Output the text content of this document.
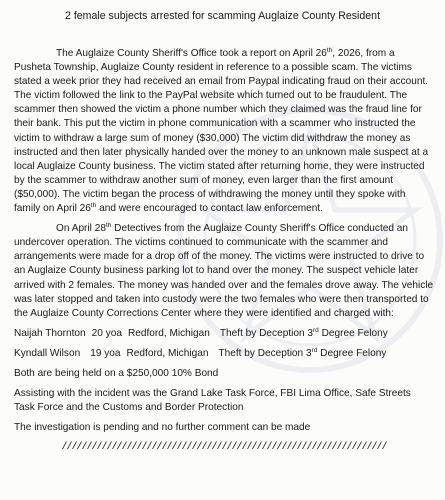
2 female subjects arrested for scamming Auglaize County Resident

The Auglaize County Sheriff's Office took a report on April 26th, 2026, from a Pusheta Township, Auglaize County resident in reference to a possible scam. The victims stated a week prior they had received an email from Paypal indicating fraud on their account. The victim followed the link to the PayPal website which turned out to be fraudulent. The scammer then showed the victim a phone number which they claimed was the fraud line for their bank. This put the victim in phone communication with a scammer who instructed the victim to withdraw a large sum of money ($30,000) The victim did withdraw the money as instructed and then later physically handed over the money to an unknown male suspect at a local Auglaize County business. The victim stated after returning home, they were instructed by the scammer to withdraw another sum of money, even larger than the first amount ($50,000). The victim began the process of withdrawing the money until they spoke with family on April 26th and were encouraged to contact law enforcement.

On April 28th Detectives from the Auglaize County Sheriff's Office conducted an undercover operation. The victims continued to communicate with the scammer and arrangements were made for a drop off of the money. The victims were instructed to drive to an Auglaize County business parking lot to hand over the money. The suspect vehicle later arrived with 2 females. The money was handed over and the females drove away. The vehicle was later stopped and taken into custody were the two females who were then transported to the Auglaize County Corrections Center where they were identified and charged with:

Naijah Thornton 20 yoa Redford, Michigan Theft by Deception 3rd Degree Felony
Kyndall Wilson 19 yoa Redford, Michigan Theft by Deception 3rd Degree Felony

Both are being held on a $250,000 10% Bond

Assisting with the incident was the Grand Lake Task Force, FBI Lima Office, Safe Streets Task Force and the Customs and Border Protection

The investigation is pending and no further comment can be made

/////////////////////////////////////////////////////////////////
